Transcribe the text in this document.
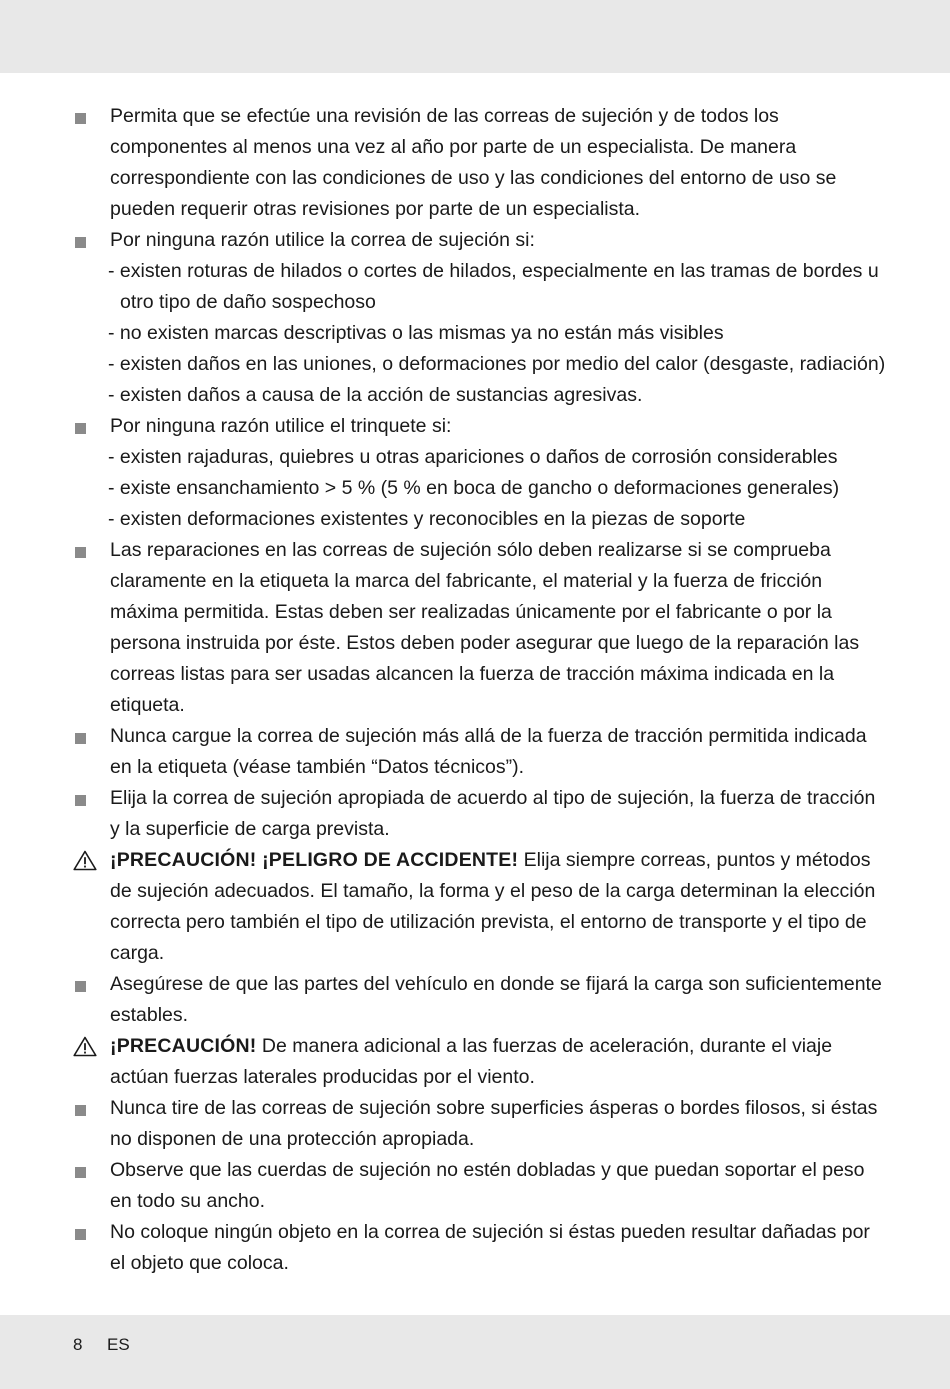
Permita que se efectúe una revisión de las correas de sujeción y de todos los componentes al menos una vez al año por parte de un especialista. De manera correspondiente con las condiciones de uso y las condiciones del entorno de uso se pueden requerir otras revisiones por parte de un especialista.
Por ninguna razón utilice la correa de sujeción si:
- existen roturas de hilados o cortes de hilados, especialmente en las tramas de bordes u otro tipo de daño sospechoso
- no existen marcas descriptivas o las mismas ya no están más visibles
- existen daños en las uniones, o deformaciones por medio del calor (desgaste, radiación)
- existen daños a causa de la acción de sustancias agresivas.
Por ninguna razón utilice el trinquete si:
- existen rajaduras, quiebres u otras apariciones o daños de corrosión considerables
- existe ensanchamiento > 5 % (5 % en boca de gancho o deformaciones generales)
- existen deformaciones existentes y reconocibles en la piezas de soporte
Las reparaciones en las correas de sujeción sólo deben realizarse si se comprueba claramente en la etiqueta la marca del fabricante, el material y la fuerza de fricción máxima permitida. Estas deben ser realizadas únicamente por el fabricante o por la persona instruida por éste. Estos deben poder asegurar que luego de la reparación las correas listas para ser usadas alcancen la fuerza de tracción máxima indicada en la etiqueta.
Nunca cargue la correa de sujeción más allá de la fuerza de tracción permitida indicada en la etiqueta (véase también “Datos técnicos”).
Elija la correa de sujeción apropiada de acuerdo al tipo de sujeción, la fuerza de tracción y la superficie de carga prevista.
¡PRECAUCIÓN! ¡PELIGRO DE ACCIDENTE! Elija siempre correas, puntos y métodos de sujeción adecuados. El tamaño, la forma y el peso de la carga determinan la elección correcta pero también el tipo de utilización prevista, el entorno de transporte y el tipo de carga.
Asegúrese de que las partes del vehículo en donde se fijará la carga son suficientemente estables.
¡PRECAUCIÓN! De manera adicional a las fuerzas de aceleración, durante el viaje actúan fuerzas laterales producidas por el viento.
Nunca tire de las correas de sujeción sobre superficies ásperas o bordes filosos, si éstas no disponen de una protección apropiada.
Observe que las cuerdas de sujeción no estén dobladas y que puedan soportar el peso en todo su ancho.
No coloque ningún objeto en la correa de sujeción si éstas pueden resultar dañadas por el objeto que coloca.
8 ES
